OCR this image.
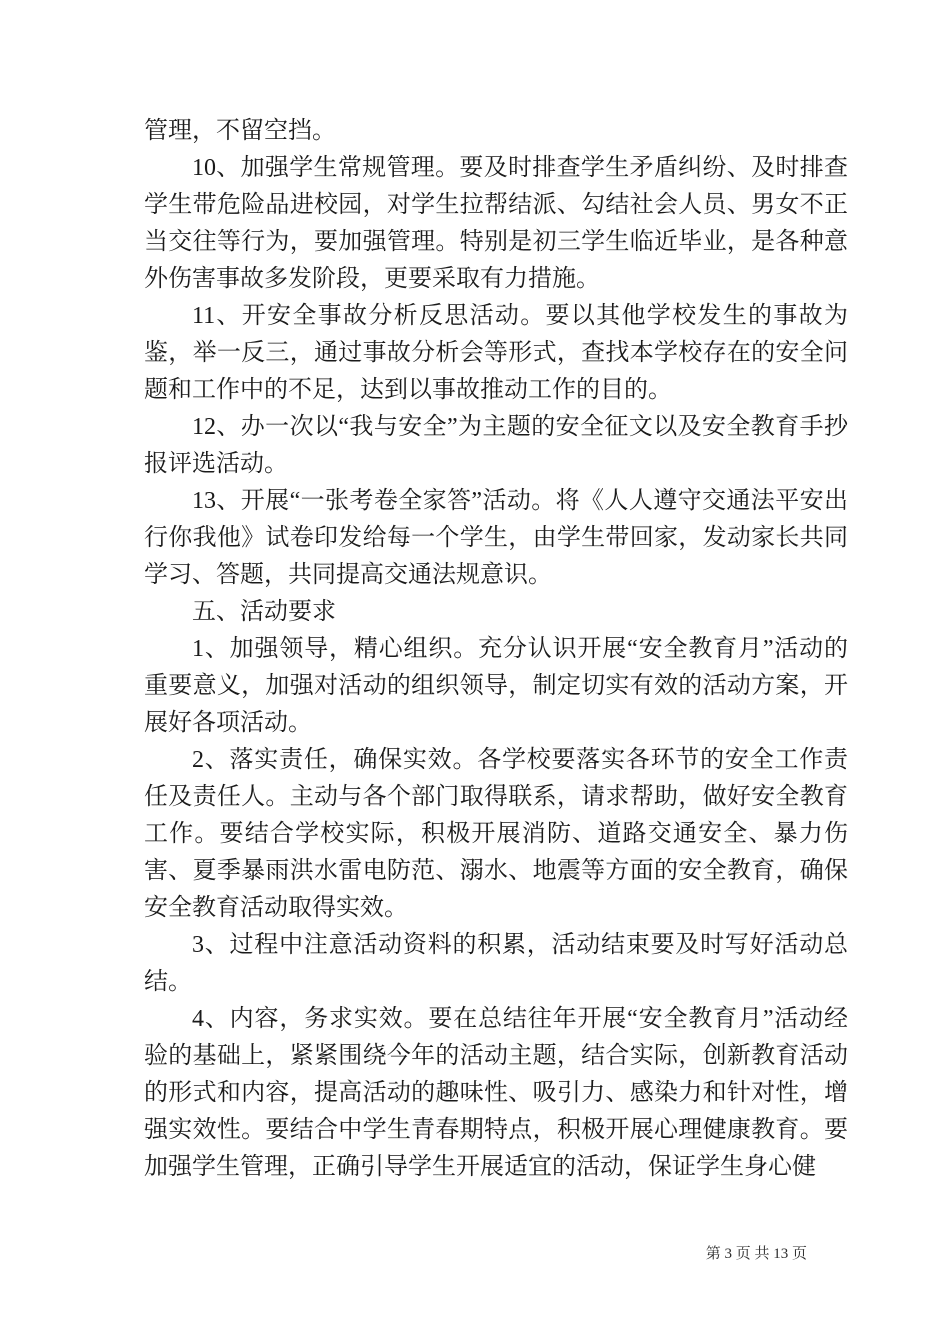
管理，不留空挡。

10、加强学生常规管理。要及时排查学生矛盾纠纷、及时排查学生带危险品进校园，对学生拉帮结派、勾结社会人员、男女不正当交往等行为，要加强管理。特别是初三学生临近毕业，是各种意外伤害事故多发阶段，更要采取有力措施。

11、开安全事故分析反思活动。要以其他学校发生的事故为鉴，举一反三，通过事故分析会等形式，查找本学校存在的安全问题和工作中的不足，达到以事故推动工作的目的。

12、办一次以“我与安全”为主题的安全征文以及安全教育手抄报评选活动。

13、开展“一张考卷全家答”活动。将《人人遵守交通法平安出行你我他》试卷印发给每一个学生，由学生带回家，发动家长共同学习、答题，共同提高交通法规意识。

五、活动要求

1、加强领导，精心组织。充分认识开展“安全教育月”活动的重要意义，加强对活动的组织领导，制定切实有效的活动方案，开展好各项活动。

2、落实责任，确保实效。各学校要落实各环节的安全工作责任及责任人。主动与各个部门取得联系，请求帮助，做好安全教育工作。要结合学校实际，积极开展消防、道路交通安全、暴力伤害、夏季暴雨洪水雷电防范、溺水、地震等方面的安全教育，确保安全教育活动取得实效。

3、过程中注意活动资料的积累，活动结束要及时写好活动总结。

4、内容，务求实效。要在总结往年开展“安全教育月”活动经验的基础上，紧紧围绕今年的活动主题，结合实际，创新教育活动的形式和内容，提高活动的趣味性、吸引力、感染力和针对性，增强实效性。要结合中学生青春期特点，积极开展心理健康教育。要加强学生管理，正确引导学生开展适宜的活动，保证学生身心健

第 3 页 共 13 页
